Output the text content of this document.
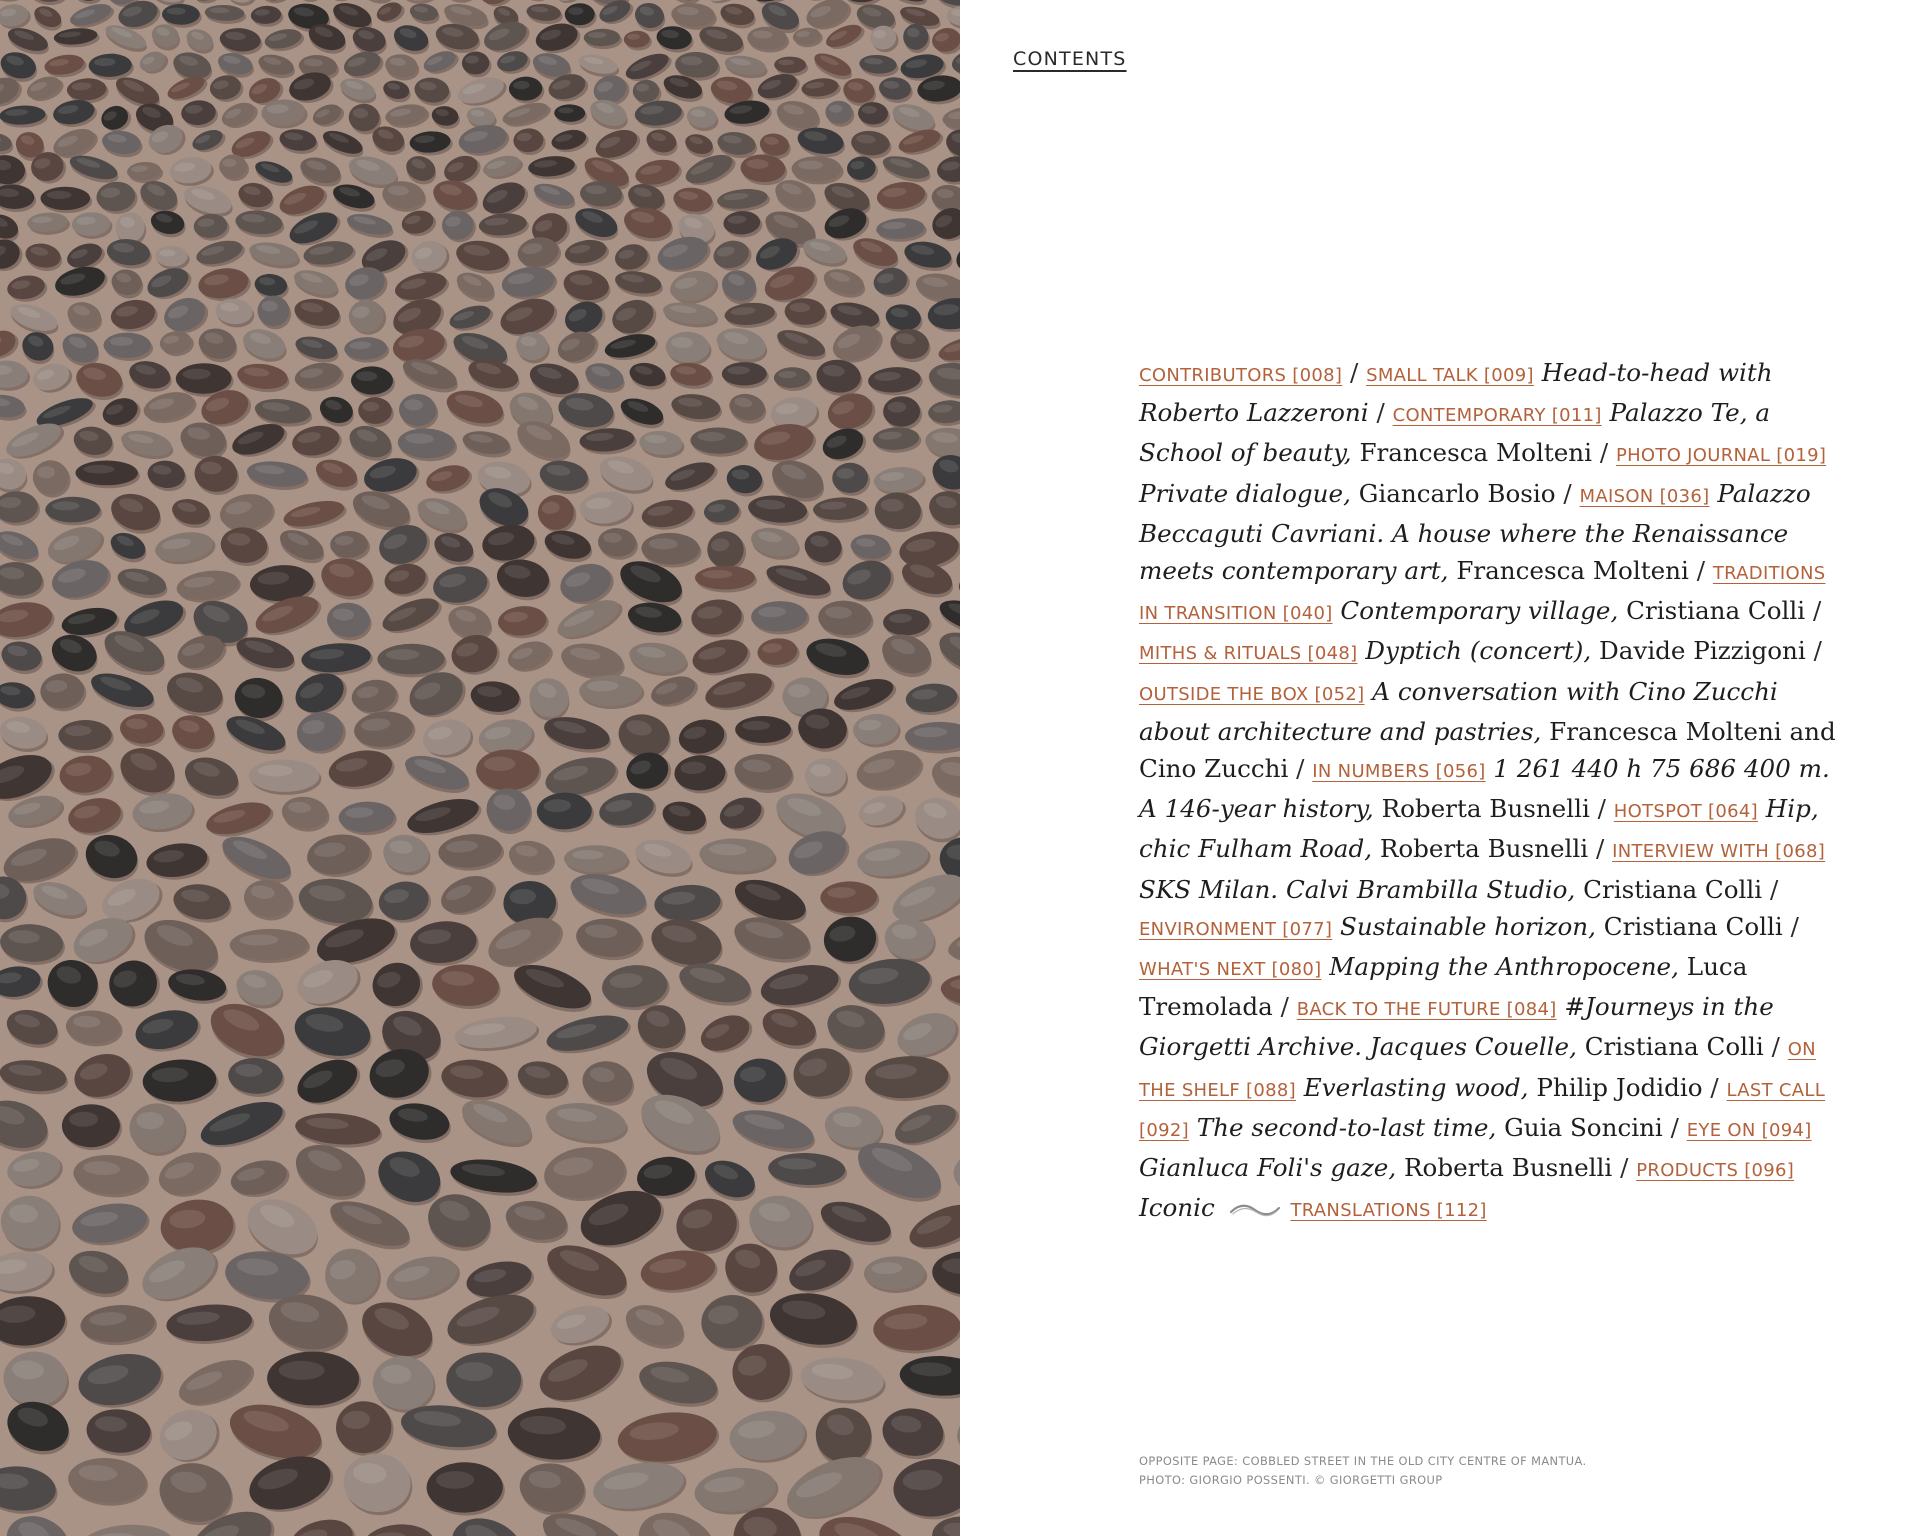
CONTENTS
CONTRIBUTORS [008] / SMALL TALK [009] Head-to-head with Roberto Lazzeroni / CONTEMPORARY [011] Palazzo Te, a School of beauty, Francesca Molteni / PHOTO JOURNAL [019] Private dialogue, Giancarlo Bosio / MAISON [036] Palazzo Beccaguti Cavriani. A house where the Renaissance meets contemporary art, Francesca Molteni / TRADITIONS IN TRANSITION [040] Contemporary village, Cristiana Colli / MITHS & RITUALS [048] Dyptich (concert), Davide Pizzigoni / OUTSIDE THE BOX [052] A conversation with Cino Zucchi about architecture and pastries, Francesca Molteni and Cino Zucchi / IN NUMBERS [056] 1 261 440 h 75 686 400 m. A 146-year history, Roberta Busnelli / HOTSPOT [064] Hip, chic Fulham Road, Roberta Busnelli / INTERVIEW WITH [068] SKS Milan. Calvi Brambilla Studio, Cristiana Colli / ENVIRONMENT [077] Sustainable horizon, Cristiana Colli / WHAT'S NEXT [080] Mapping the Anthropocene, Luca Tremolada / BACK TO THE FUTURE [084] #Journeys in the Giorgetti Archive. Jacques Couelle, Cristiana Colli / ON THE SHELF [088] Everlasting wood, Philip Jodidio / LAST CALL [092] The second-to-last time, Guia Soncini / EYE ON [094] Gianluca Foli's gaze, Roberta Busnelli / PRODUCTS [096] Iconic	TRANSLATIONS [112]
OPPOSITE PAGE: COBBLED STREET IN THE OLD CITY CENTRE OF MANTUA.
PHOTO: GIORGIO POSSENTI. © GIORGETTI GROUP
